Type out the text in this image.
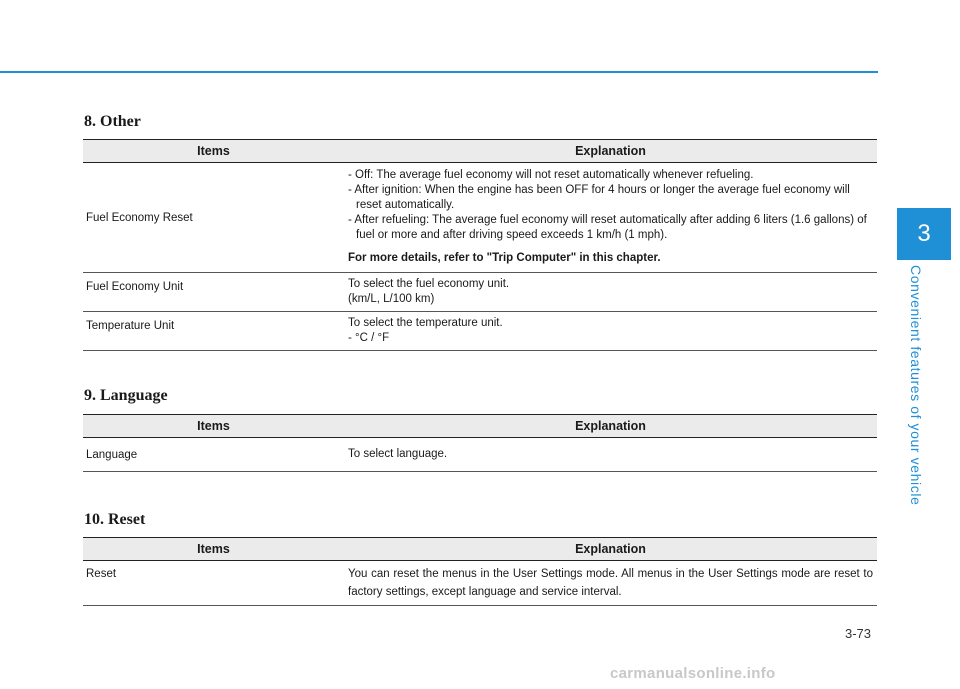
3
Convenient features of your vehicle
8. Other
Items	Explanation
Fuel Economy Reset	- Off: The average fuel economy will not reset automatically whenever refueling.
- After ignition: When the engine has been OFF for 4 hours or longer the average fuel economy will reset automatically.
- After refueling: The average fuel economy will reset automatically after adding 6 liters (1.6 gallons) of fuel or more and after driving speed exceeds 1 km/h (1 mph).
For more details, refer to "Trip Computer" in this chapter.

Fuel Economy Unit	To select the fuel economy unit.
(km/L, L/100 km)

Temperature Unit	To select the temperature unit.
- °C / °F
9. Language
Items	Explanation
Language	To select language.
10. Reset
Items	Explanation
Reset	You can reset the menus in the User Settings mode. All menus in the User Settings mode are reset to factory settings, except language and service interval.
3-73
carmanualsonline.info
